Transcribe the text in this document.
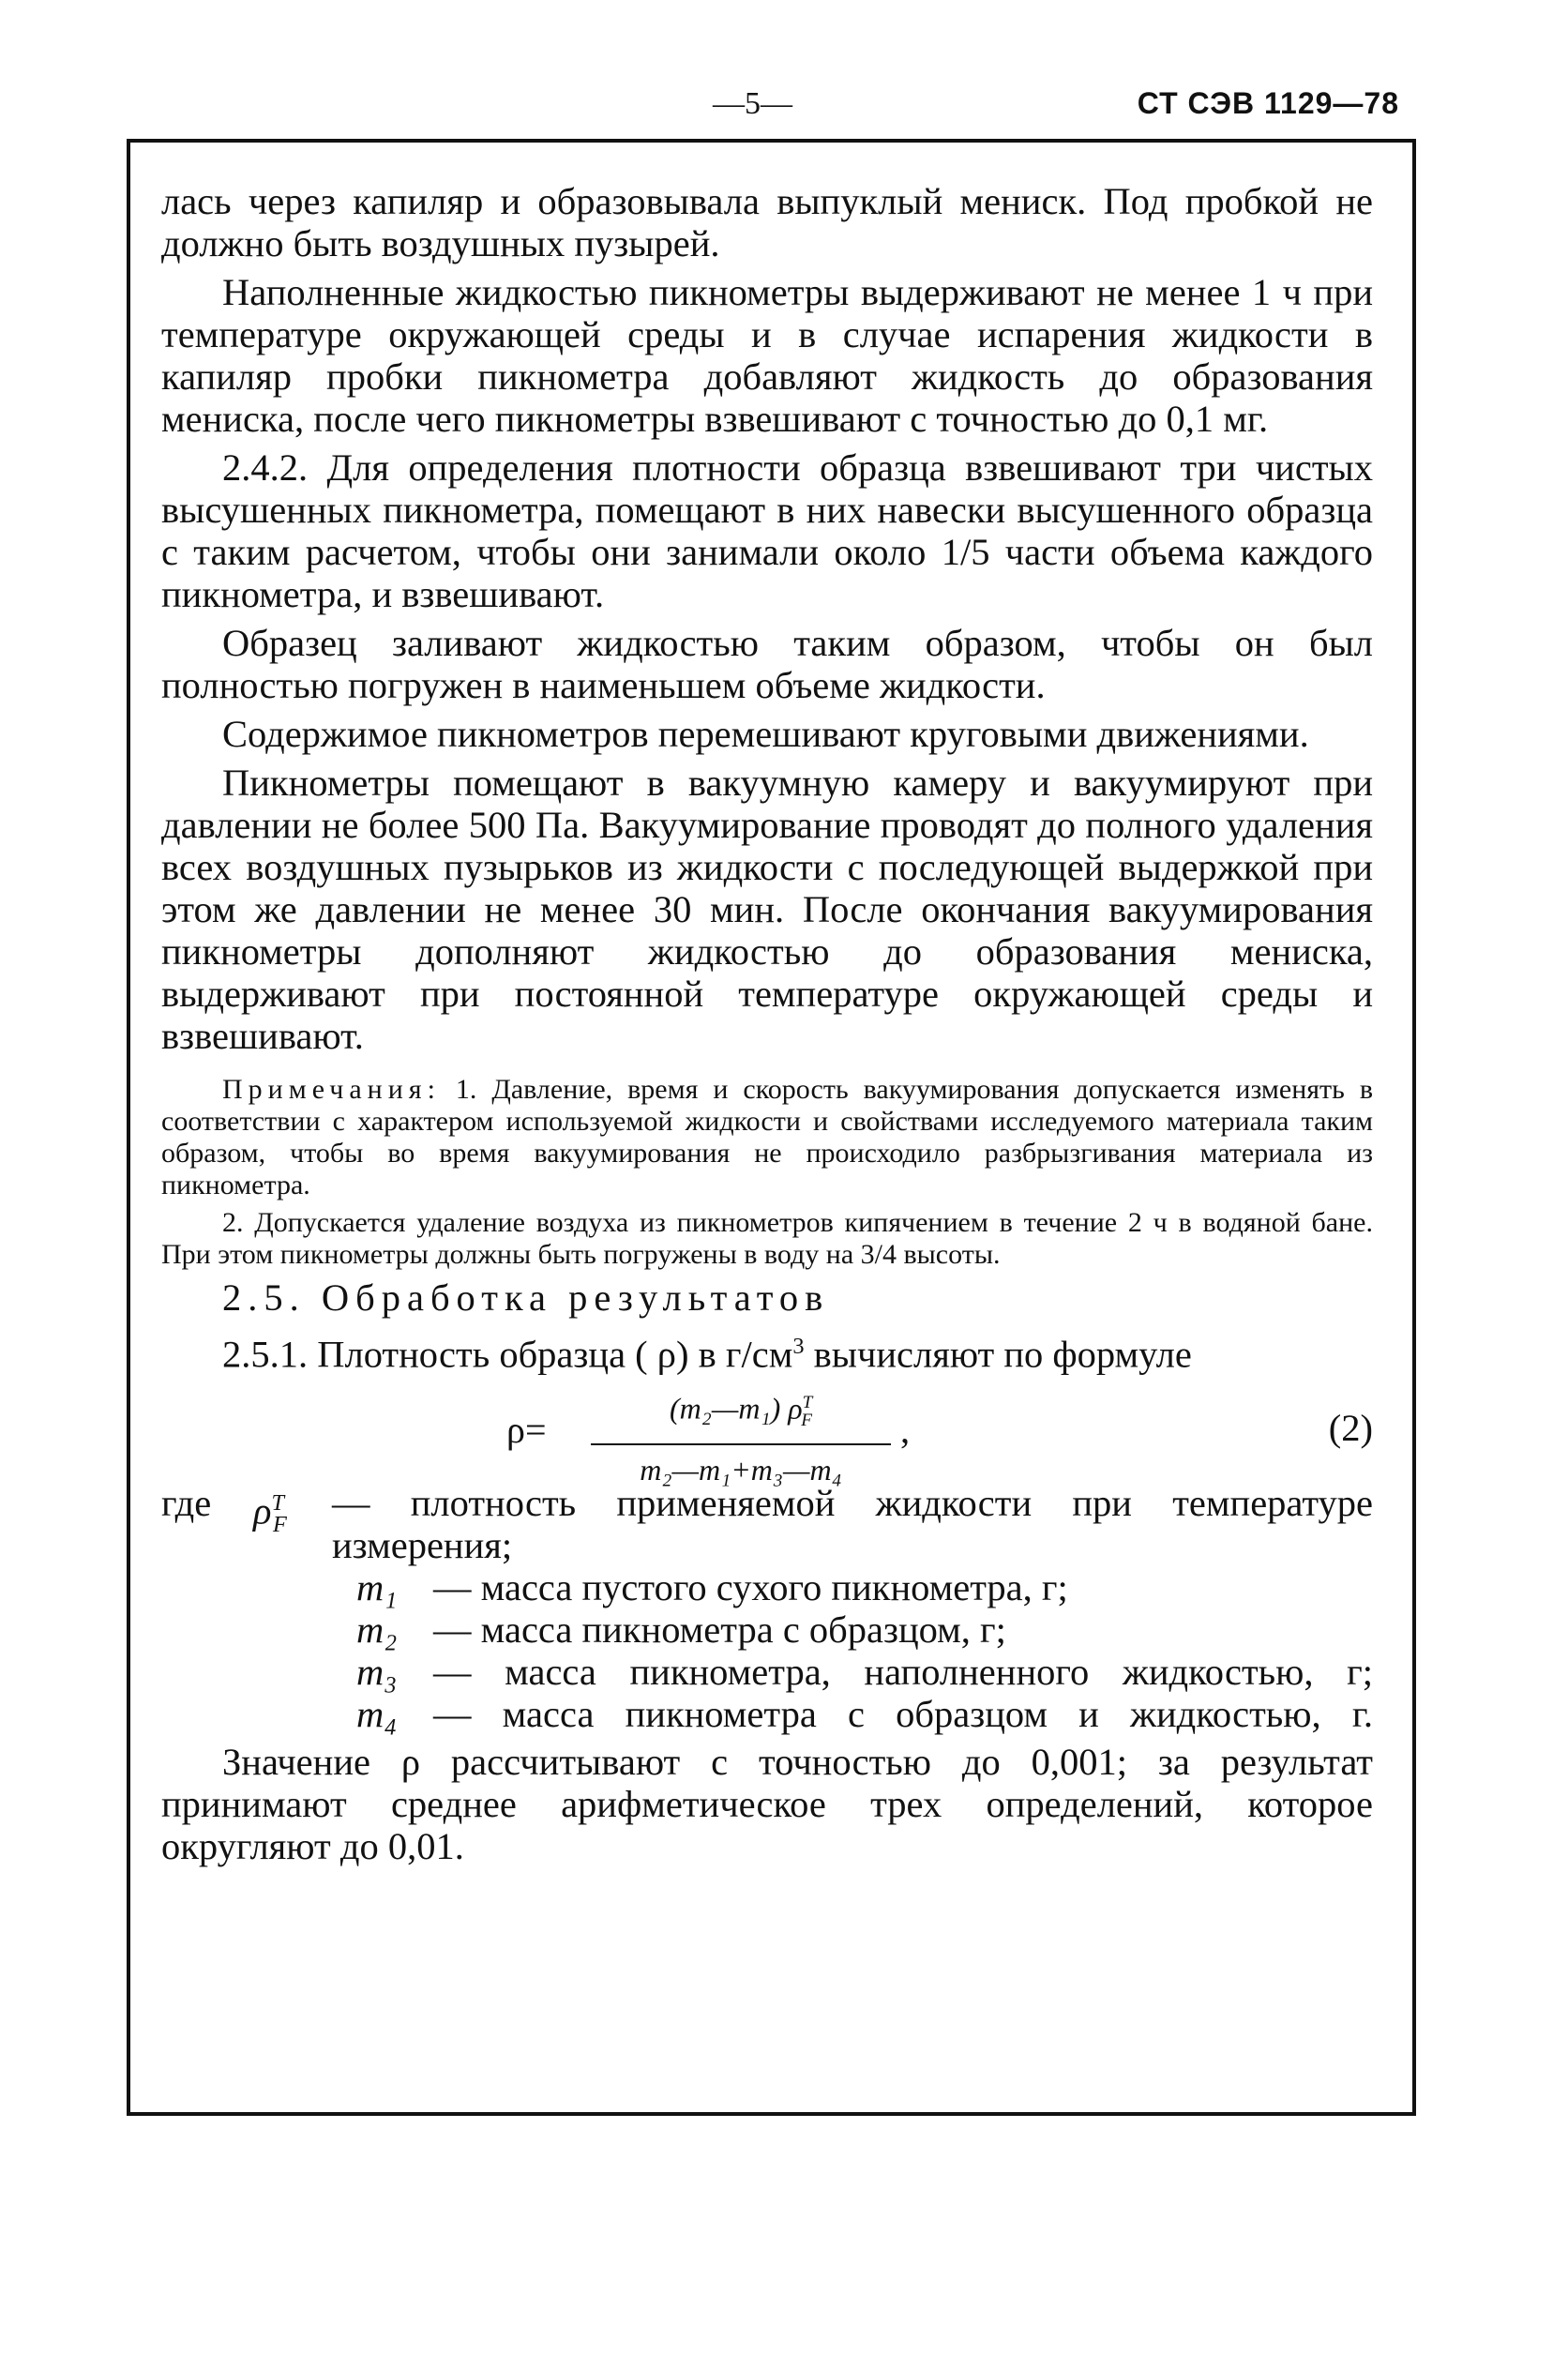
—5—	СТ СЭВ 1129—78

лась через капиляр и образовывала выпуклый мениск. Под пробкой не должно быть воздушных пузырей.

Наполненные жидкостью пикнометры выдерживают не менее 1 ч при температуре окружающей среды и в случае испарения жидкости в капиляр пробки пикнометра добавляют жидкость до образования мениска, после чего пикнометры взвешивают с точностью до 0,1 мг.

2.4.2. Для определения плотности образца взвешивают три чистых высушенных пикнометра, помещают в них навески высушенного образца с таким расчетом, чтобы они занимали около 1/5 части объема каждого пикнометра, и взвешивают.

Образец заливают жидкостью таким образом, чтобы он был полностью погружен в наименьшем объеме жидкости.

Содержимое пикнометров перемешивают круговыми движениями.

Пикнометры помещают в вакуумную камеру и вакуумируют при давлении не более 500 Па. Вакуумирование проводят до полного удаления всех воздушных пузырьков из жидкости с последующей выдержкой при этом же давлении не менее 30 мин. После окончания вакуумирования пикнометры дополняют жидкостью до образования мениска, выдерживают при постоянной температуре окружающей среды и взвешивают.

Примечания: 1. Давление, время и скорость вакуумирования допускается изменять в соответствии с характером используемой жидкости и свойствами исследуемого материала таким образом, чтобы во время вакуумирования не происходило разбрызгивания материала из пикнометра.

2. Допускается удаление воздуха из пикнометров кипячением в течение 2 ч в водяной бане. При этом пикнометры должны быть погружены в воду на 3/4 высоты.

2.5. Обработка результатов

2.5.1. Плотность образца ( ρ) в $г/см^3$ вычисляют по формуле

ρ=
(m₂—m₁) $\rho^T_F$
m₂—m₁+m₃—m₄
,	(2)
где $\rho^T_F$
— плотность применяемой жидкости при температуре измерения;
m₁ — масса пустого сухого пикнометра, г;
m₂ — масса пикнометра с образцом, г;
m₃ — масса пикнометра, наполненного жидкостью, г;
m₄ — масса пикнометра с образцом и жидкостью, г.

Значение ρ рассчитывают с точностью до 0,001; за результат принимают среднее арифметическое трех определений, которое округляют до 0,01.
